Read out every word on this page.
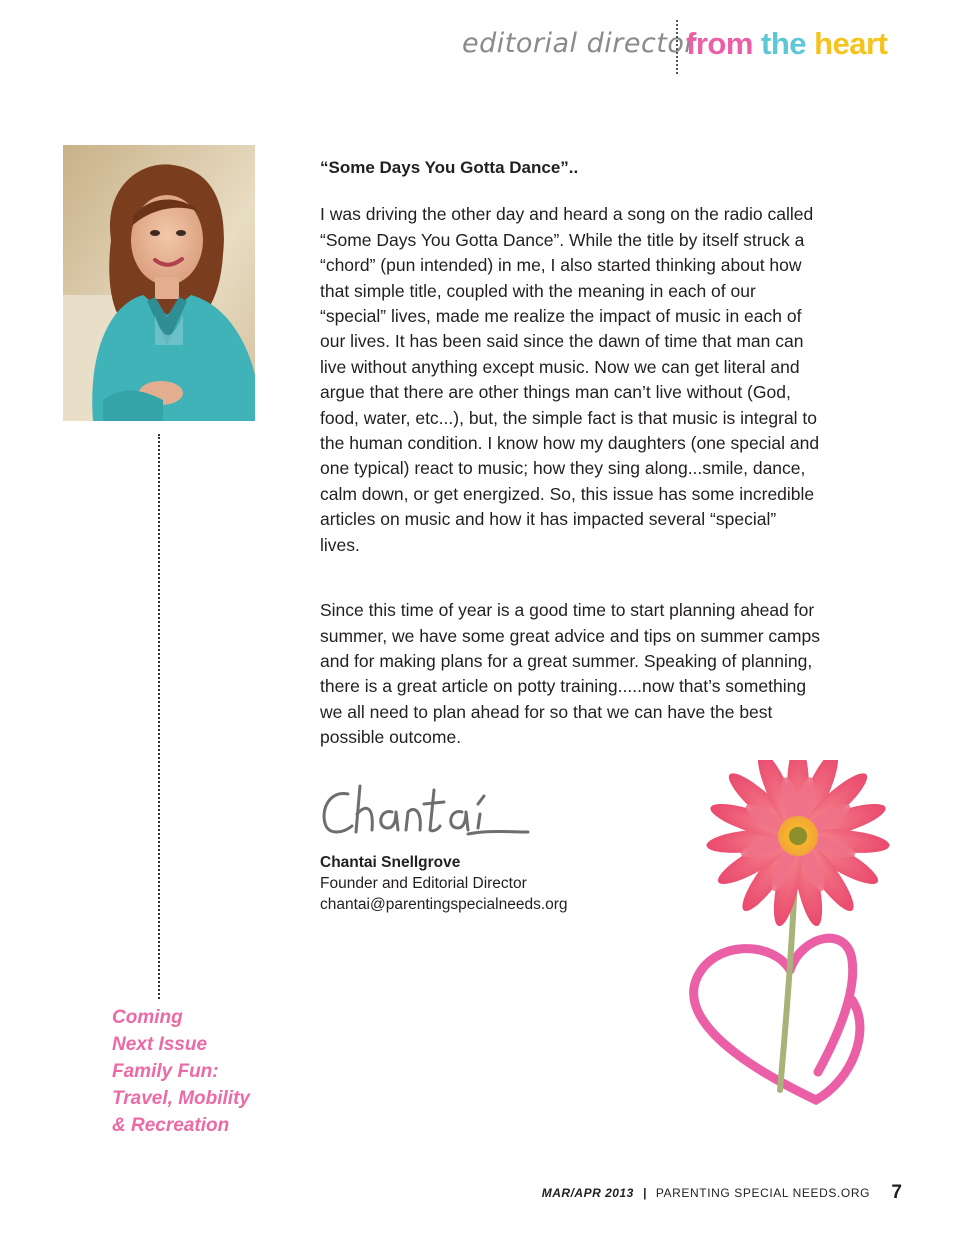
editorial director
from the heart
“Some Days You Gotta Dance”..

I was driving the other day and heard a song on the radio called “Some Days You Gotta Dance”. While the title by itself struck a “chord” (pun intended) in me, I also started thinking about how that simple title, coupled with the meaning in each of our “special” lives, made me realize the impact of music in each of our lives. It has been said since the dawn of time that man can live without anything except music. Now we can get literal and argue that there are other things man can’t live without (God, food, water, etc...), but, the simple fact is that music is integral to the human condition. I know how my daughters (one special and one typical) react to music; how they sing along...smile, dance, calm down, or get energized. So, this issue has some incredible articles on music and how it has impacted several “special” lives.

Since this time of year is a good time to start planning ahead for summer, we have some great advice and tips on summer camps and for making plans for a great summer. Speaking of planning, there is a great article on potty training.....now that’s something we all need to plan ahead for so that we can have the best possible outcome.

Chantai Snellgrove
Founder and Editorial Director
chantai@parentingspecialneeds.org
Coming
Next Issue
Family Fun:
Travel, Mobility
& Recreation
MAR/APR 2013 | PARENTING SPECIAL NEEDS.ORG 7
